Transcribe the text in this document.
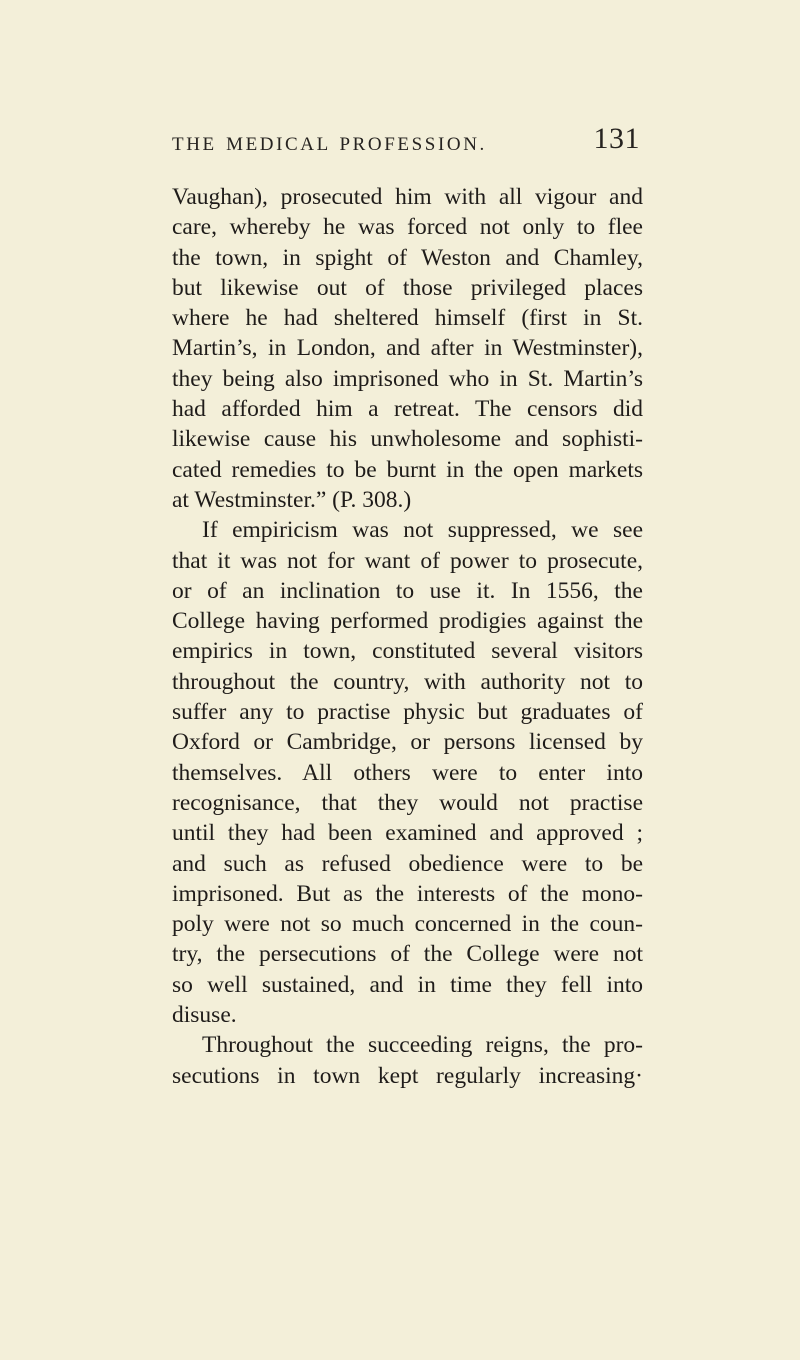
THE MEDICAL PROFESSION.	131
Vaughan), prosecuted him with all vigour and
care, whereby he was forced not only to flee
the town, in spight of Weston and Chamley,
but likewise out of those privileged places
where he had sheltered himself (first in St.
Martin’s, in London, and after in Westminster),
they being also imprisoned who in St. Martin’s
had afforded him a retreat. The censors did
likewise cause his unwholesome and sophisti-
cated remedies to be burnt in the open markets
at Westminster.” (P. 308.)
If empiricism was not suppressed, we see
that it was not for want of power to prosecute,
or of an inclination to use it. In 1556, the
College having performed prodigies against the
empirics in town, constituted several visitors
throughout the country, with authority not to
suffer any to practise physic but graduates of
Oxford or Cambridge, or persons licensed by
themselves. All others were to enter into
recognisance, that they would not practise
until they had been examined and approved ;
and such as refused obedience were to be
imprisoned. But as the interests of the mono-
poly were not so much concerned in the coun-
try, the persecutions of the College were not
so well sustained, and in time they fell into
disuse.
Throughout the succeeding reigns, the pro-
secutions in town kept regularly increasing·
